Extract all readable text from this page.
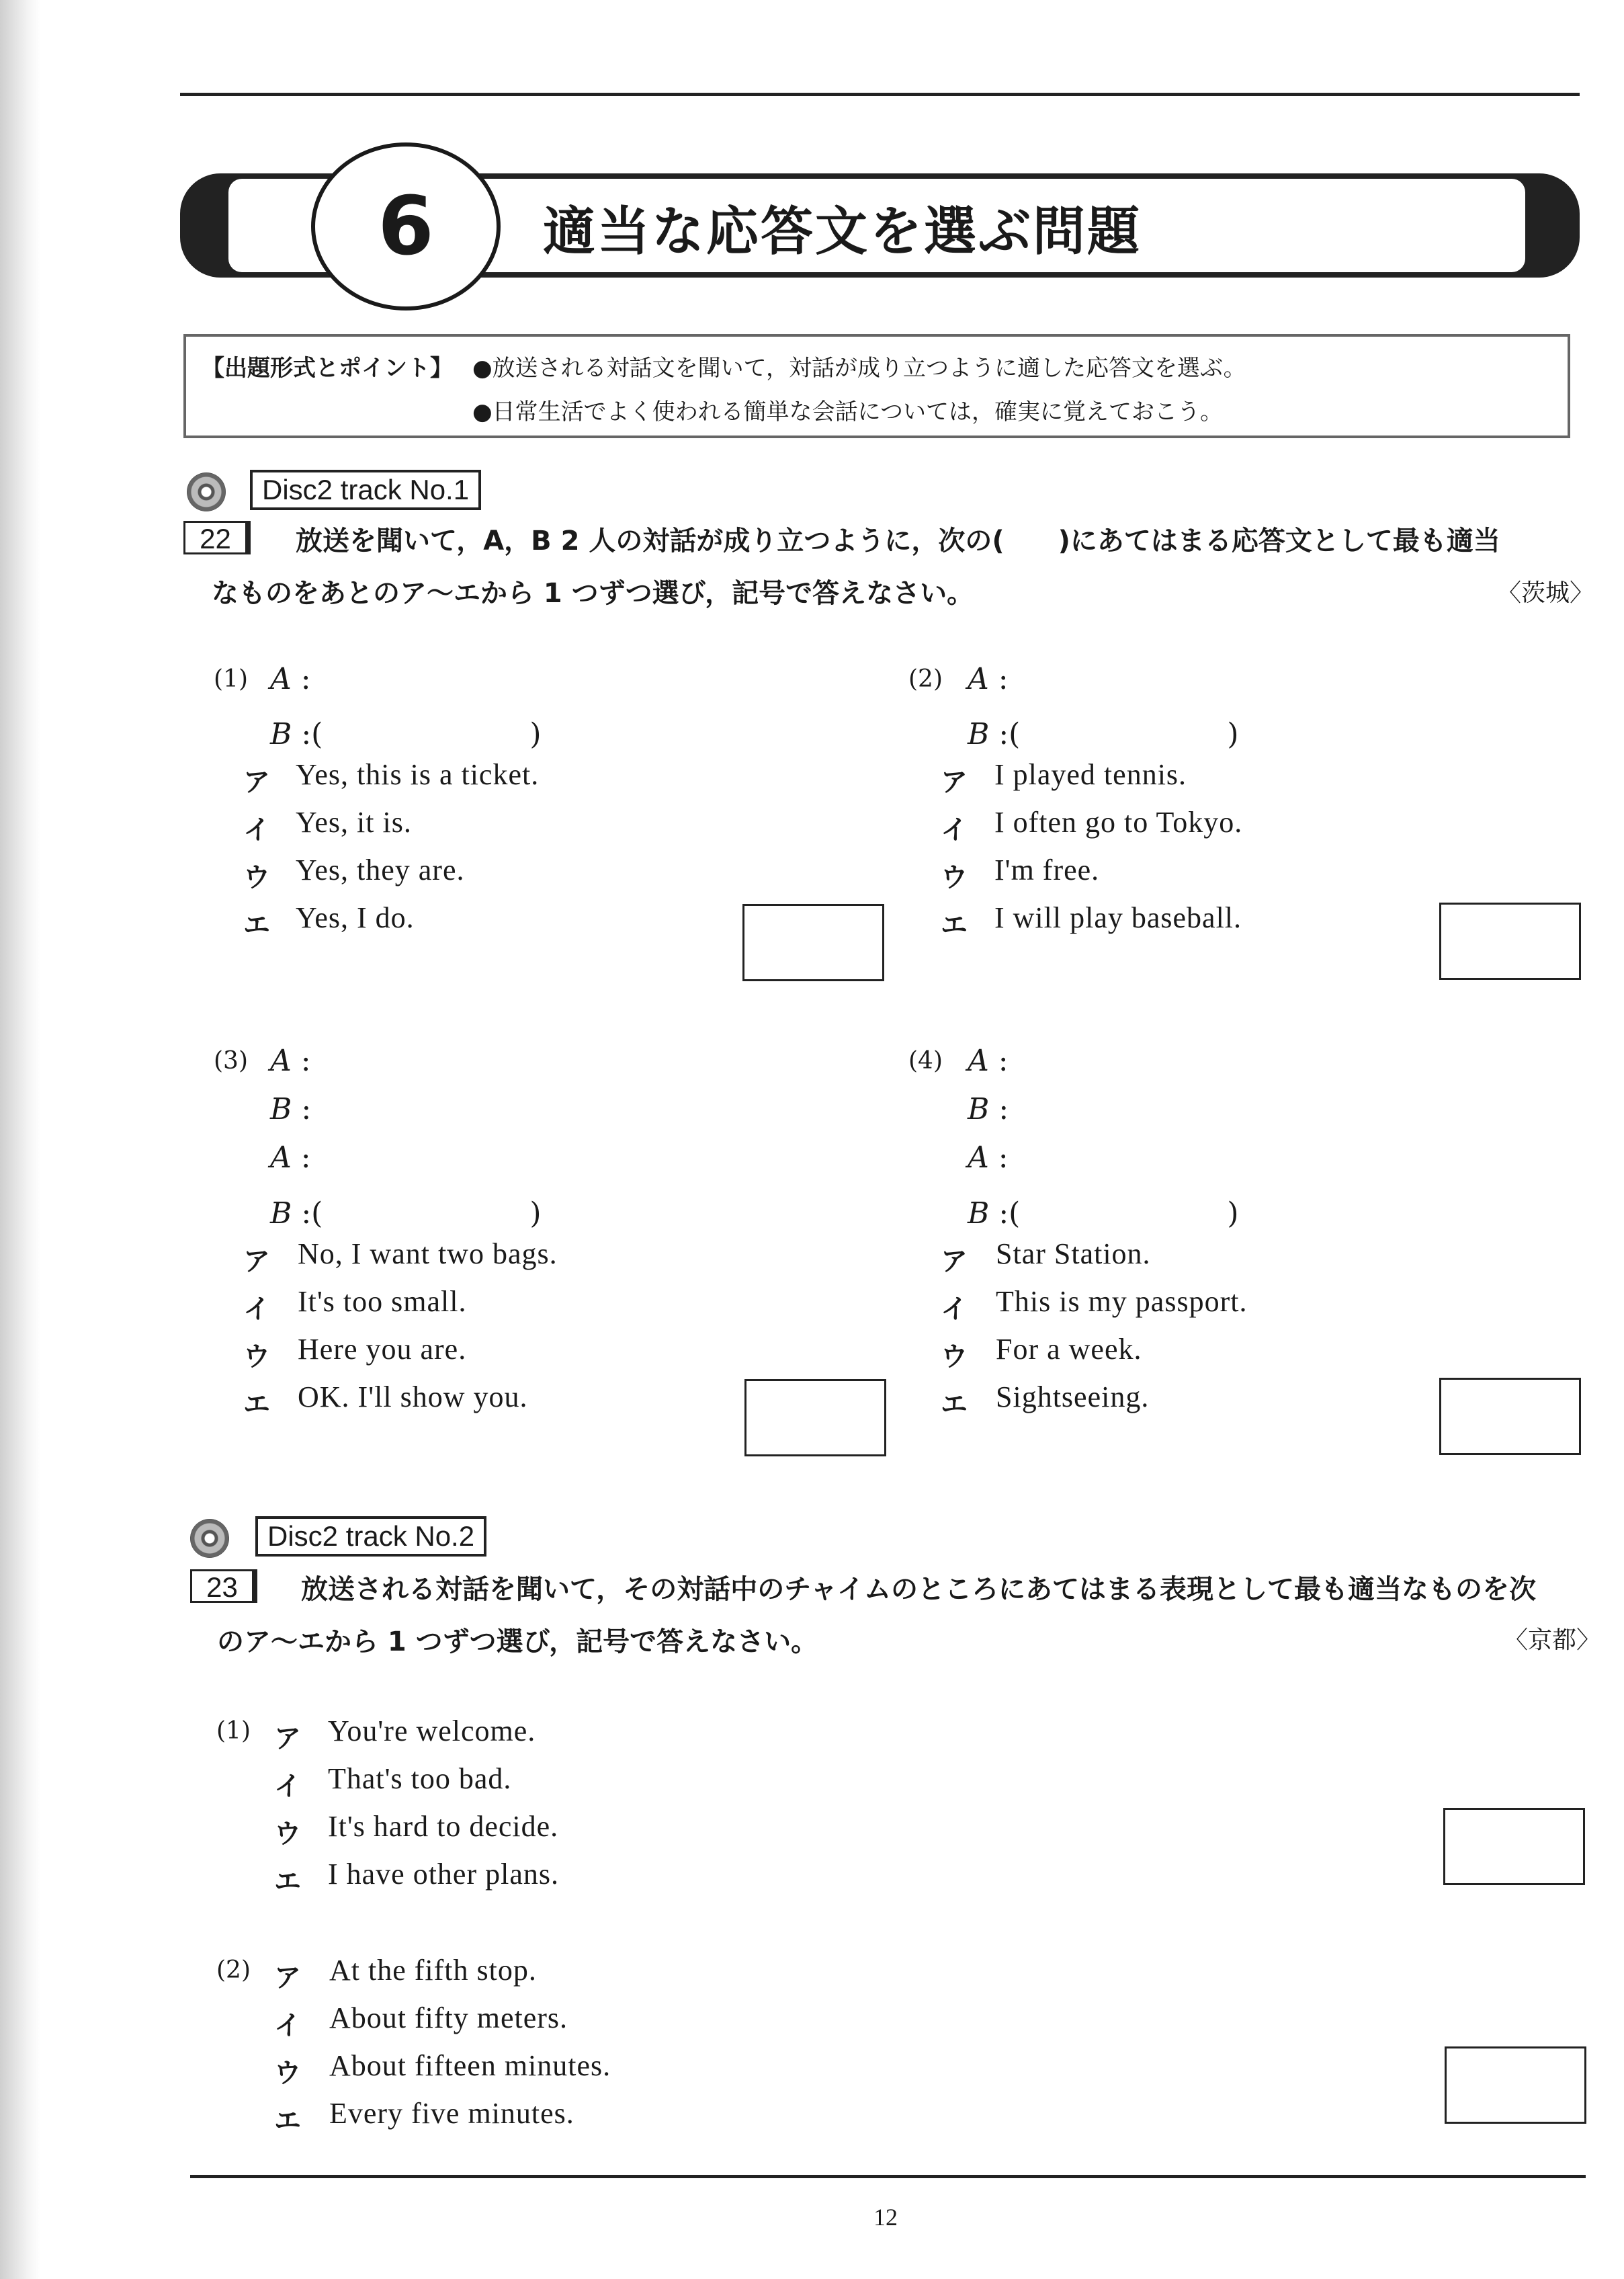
6 適当な応答文を選ぶ問題
【出題形式とポイント】 ●放送される対話文を聞いて，対話が成り立つように適した応答文を選ぶ。
●日常生活でよく使われる簡単な会話については，確実に覚えておこう。
Disc2 track No.1
22	放送を聞いて，A，B 2 人の対話が成り立つように，次の(　　)にあてはまる応答文として最も適当
なものをあとのア～エから 1 つずつ選び，記号で答えなさい。	〈茨城〉
(1) A :
B :(　　　　　　　)
ア Yes, this is a ticket.
イ Yes, it is.
ウ Yes, they are.
エ Yes, I do.
(2) A :
B :(　　　　　　　)
ア I played tennis.
イ I often go to Tokyo.
ウ I'm free.
エ I will play baseball.
(3) A :
B :
A :
B :(　　　　　　　)
ア No, I want two bags.
イ It's too small.
ウ Here you are.
エ OK. I'll show you.
(4) A :
B :
A :
B :(　　　　　　　)
ア Star Station.
イ This is my passport.
ウ For a week.
エ Sightseeing.
Disc2 track No.2
23	放送される対話を聞いて，その対話中のチャイムのところにあてはまる表現として最も適当なものを次
のア～エから 1 つずつ選び，記号で答えなさい。	〈京都〉
(1) ア You're welcome.
イ That's too bad.
ウ It's hard to decide.
エ I have other plans.
(2) ア At the fifth stop.
イ About fifty meters.
ウ About fifteen minutes.
エ Every five minutes.
12
